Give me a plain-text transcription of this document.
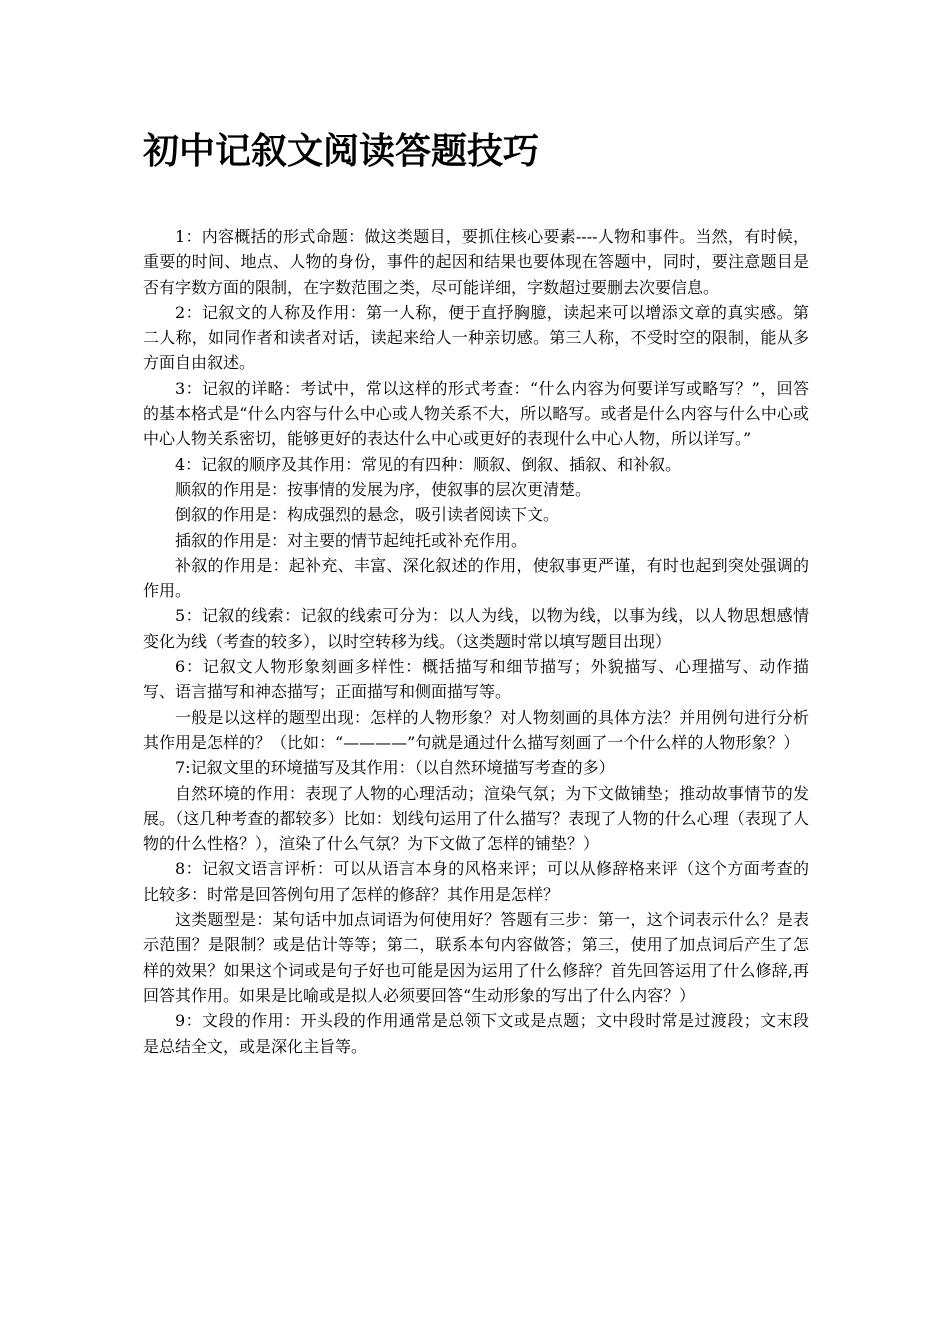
初中记叙文阅读答题技巧

1：内容概括的形式命题：做这类题目，要抓住核心要素----人物和事件。当然，有时候，重要的时间、地点、人物的身份，事件的起因和结果也要体现在答题中，同时，要注意题目是否有字数方面的限制，在字数范围之类，尽可能详细，字数超过要删去次要信息。

2：记叙文的人称及作用：第一人称，便于直抒胸臆，读起来可以增添文章的真实感。第二人称，如同作者和读者对话，读起来给人一种亲切感。第三人称，不受时空的限制，能从多方面自由叙述。

3：记叙的详略：考试中，常以这样的形式考查：“什么内容为何要详写或略写？”，回答的基本格式是“什么内容与什么中心或人物关系不大，所以略写。或者是什么内容与什么中心或中心人物关系密切，能够更好的表达什么中心或更好的表现什么中心人物，所以详写。”

4：记叙的顺序及其作用：常见的有四种：顺叙、倒叙、插叙、和补叙。

顺叙的作用是：按事情的发展为序，使叙事的层次更清楚。

倒叙的作用是：构成强烈的悬念，吸引读者阅读下文。

插叙的作用是：对主要的情节起纯托或补充作用。

补叙的作用是：起补充、丰富、深化叙述的作用，使叙事更严谨，有时也起到突处强调的作用。

5：记叙的线索：记叙的线索可分为：以人为线，以物为线，以事为线，以人物思想感情变化为线（考查的较多），以时空转移为线。（这类题时常以填写题目出现）

6：记叙文人物形象刻画多样性：概括描写和细节描写；外貌描写、心理描写、动作描写、语言描写和神态描写；正面描写和侧面描写等。

一般是以这样的题型出现：怎样的人物形象？对人物刻画的具体方法？并用例句进行分析其作用是怎样的？（比如：“————”句就是通过什么描写刻画了一个什么样的人物形象？）

7:记叙文里的环境描写及其作用：（以自然环境描写考查的多）

自然环境的作用：表现了人物的心理活动；渲染气氛；为下文做铺垫；推动故事情节的发展。（这几种考查的都较多）比如：划线句运用了什么描写？表现了人物的什么心理（表现了人物的什么性格？），渲染了什么气氛？为下文做了怎样的铺垫？）

8：记叙文语言评析：可以从语言本身的风格来评；可以从修辞格来评（这个方面考查的比较多：时常是回答例句用了怎样的修辞？其作用是怎样？

这类题型是：某句话中加点词语为何使用好？答题有三步：第一，这个词表示什么？是表示范围？是限制？或是估计等等；第二，联系本句内容做答；第三，使用了加点词后产生了怎样的效果？如果这个词或是句子好也可能是因为运用了什么修辞？首先回答运用了什么修辞,再回答其作用。如果是比喻或是拟人必须要回答“生动形象的写出了什么内容？）

9：文段的作用：开头段的作用通常是总领下文或是点题；文中段时常是过渡段；文末段是总结全文，或是深化主旨等。
